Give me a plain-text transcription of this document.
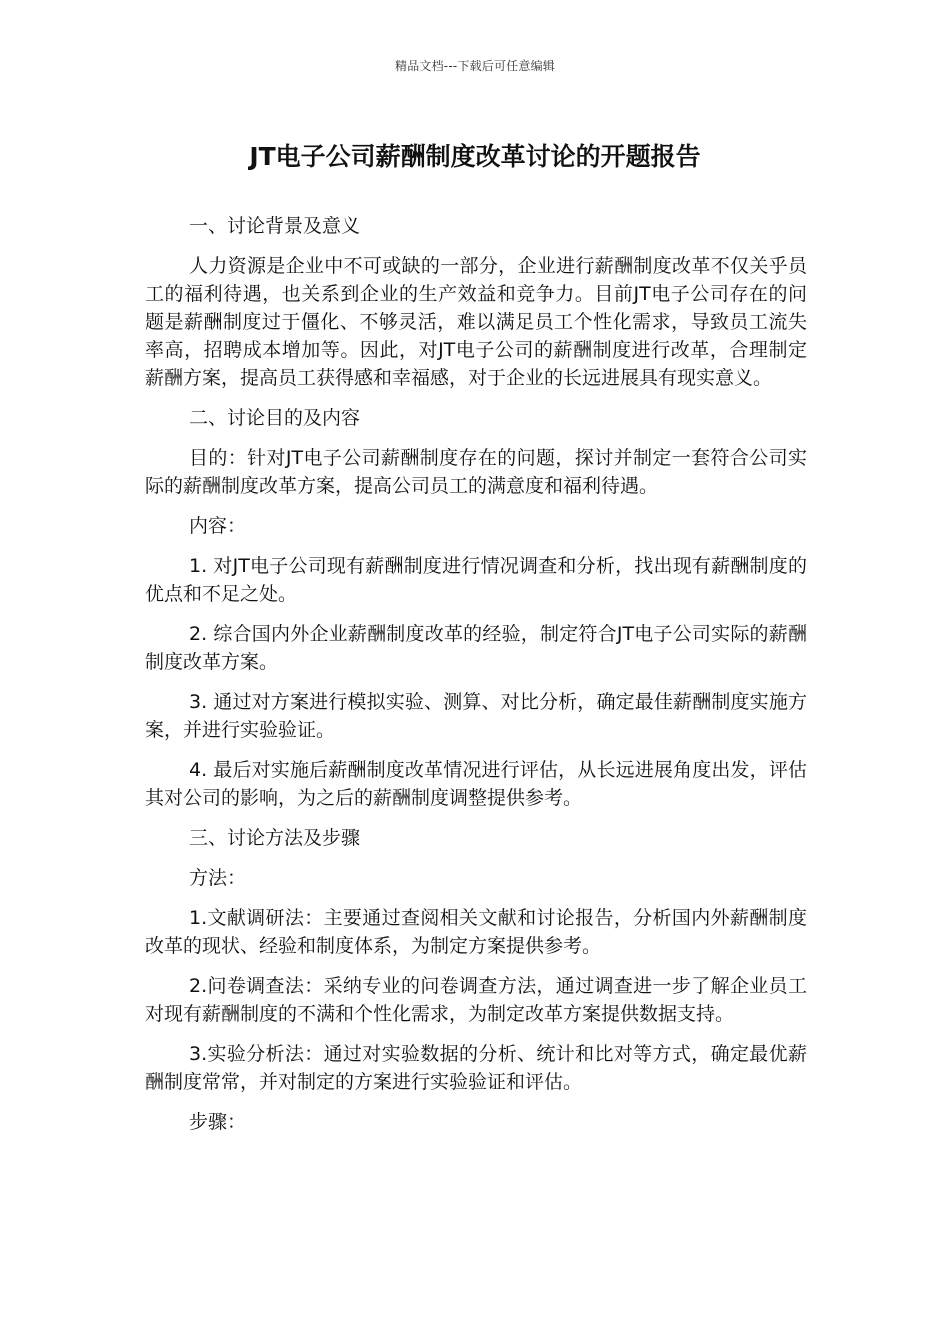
精品文档---下载后可任意编辑
JT电子公司薪酬制度改革讨论的开题报告

一、讨论背景及意义

人力资源是企业中不可或缺的一部分，企业进行薪酬制度改革不仅关乎员工的福利待遇，也关系到企业的生产效益和竞争力。目前JT电子公司存在的问题是薪酬制度过于僵化、不够灵活，难以满足员工个性化需求，导致员工流失率高，招聘成本增加等。因此，对JT电子公司的薪酬制度进行改革，合理制定薪酬方案，提高员工获得感和幸福感，对于企业的长远进展具有现实意义。

二、讨论目的及内容

目的：针对JT电子公司薪酬制度存在的问题，探讨并制定一套符合公司实际的薪酬制度改革方案，提高公司员工的满意度和福利待遇。

内容：

1. 对JT电子公司现有薪酬制度进行情况调查和分析，找出现有薪酬制度的优点和不足之处。

2. 综合国内外企业薪酬制度改革的经验，制定符合JT电子公司实际的薪酬制度改革方案。

3. 通过对方案进行模拟实验、测算、对比分析，确定最佳薪酬制度实施方案，并进行实验验证。

4. 最后对实施后薪酬制度改革情况进行评估，从长远进展角度出发，评估其对公司的影响，为之后的薪酬制度调整提供参考。

三、讨论方法及步骤

方法：

1.文献调研法：主要通过查阅相关文献和讨论报告，分析国内外薪酬制度改革的现状、经验和制度体系，为制定方案提供参考。

2.问卷调查法：采纳专业的问卷调查方法，通过调查进一步了解企业员工对现有薪酬制度的不满和个性化需求，为制定改革方案提供数据支持。

3.实验分析法：通过对实验数据的分析、统计和比对等方式，确定最优薪酬制度常常，并对制定的方案进行实验验证和评估。

步骤：
